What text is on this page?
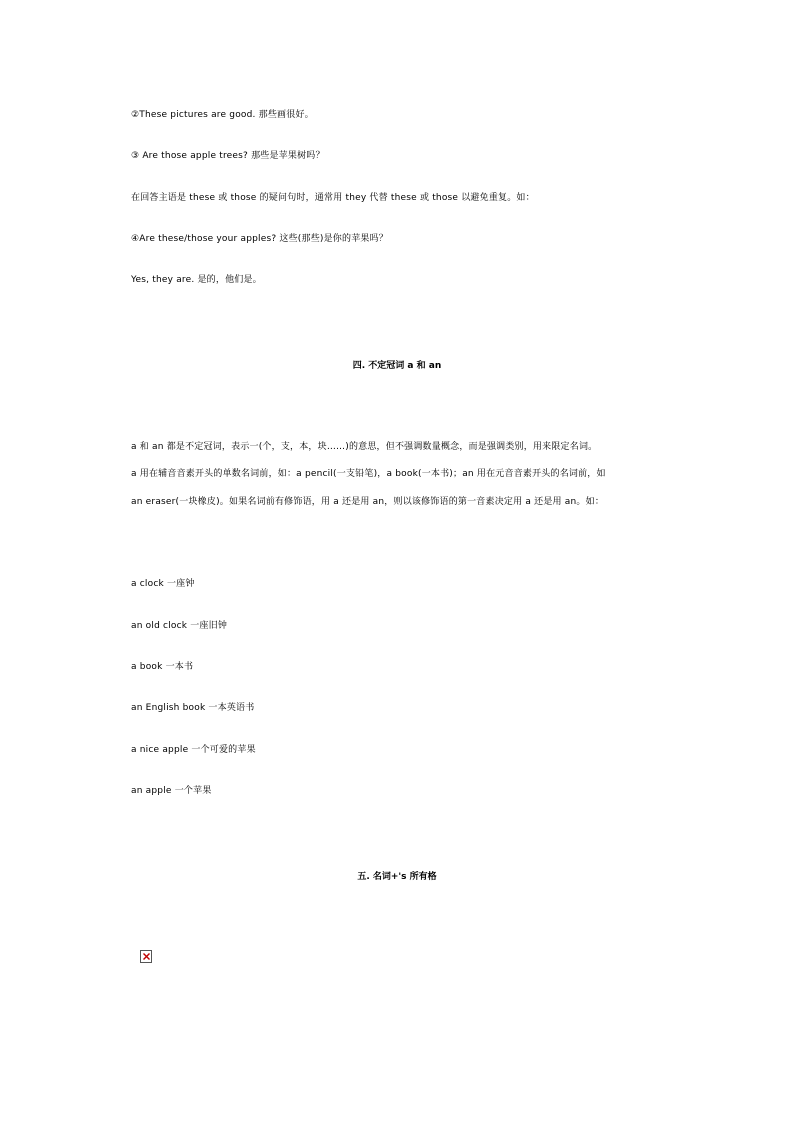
②These pictures are good. 那些画很好。
③ Are those apple trees? 那些是苹果树吗？
在回答主语是 these 或 those 的疑问句时，通常用 they 代替 these 或 those 以避免重复。如：
④Are these/those your apples? 这些(那些)是你的苹果吗？
Yes, they are. 是的，他们是。
四. 不定冠词 a 和 an
a 和 an 都是不定冠词，表示一(个，支，本，块……)的意思，但不强调数量概念，而是强调类别，用来限定名词。
a 用在辅音音素开头的单数名词前，如：a pencil(一支铅笔)，a book(一本书)；an 用在元音音素开头的名词前，如
an eraser(一块橡皮)。如果名词前有修饰语，用 a 还是用 an，则以该修饰语的第一音素决定用 a 还是用 an。如：
a clock 一座钟
an old clock 一座旧钟
a book 一本书
an English book 一本英语书
a nice apple 一个可爱的苹果
an apple 一个苹果
五. 名词+'s 所有格
